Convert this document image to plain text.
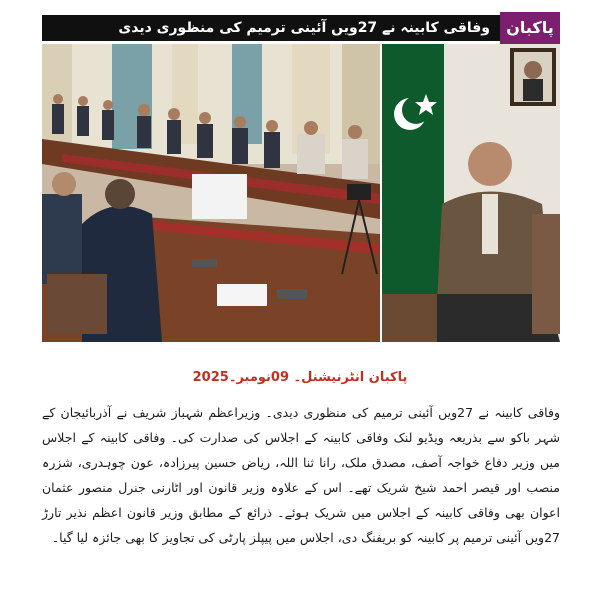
وفاقی کابینہ نے 27ویں آئینی ترمیم کی منظوری دیدی	پاکبان
پاکبان انٹرنیشنل۔ 09نومبر۔2025
وفاقی کابینہ نے 27ویں آئینی ترمیم کی منظوری دیدی۔ وزیراعظم شہباز شریف نے آذربائیجان کے شہر باکو سے بذریعہ ویڈیو لنک وفاقی کابینہ کے اجلاس کی صدارت کی۔ وفاقی کابینہ کے اجلاس میں وزیر دفاع خواجہ آصف، مصدق ملک، رانا ثنا اللہ، ریاض حسین پیرزادہ، عون چوہدری، شزرہ منصب اور قیصر احمد شیخ شریک تھے۔ اس کے علاوہ وزیر قانون اور اٹارنی جنرل منصور عثمان اعوان بھی وفاقی کابینہ کے اجلاس میں شریک ہوئے۔ ذرائع کے مطابق وزیر قانون اعظم نذیر تارڑ 27ویں آئینی ترمیم پر کابینہ کو بریفنگ دی، اجلاس میں پیپلز پارٹی کی تجاویز کا بھی جائزہ لیا گیا۔
